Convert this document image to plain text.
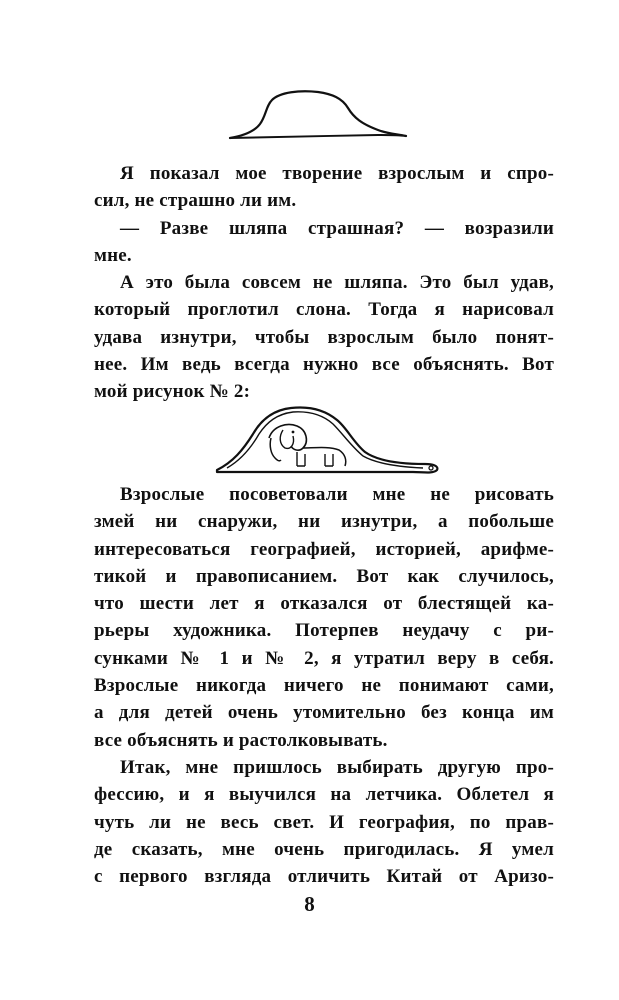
Я показал мое творение взрослым и спро-
сил, не страшно ли им.
— Разве шляпа страшная? — возразили
мне.
А это была совсем не шляпа. Это был удав,
который проглотил слона. Тогда я нарисовал
удава изнутри, чтобы взрослым было понят-
нее. Им ведь всегда нужно все объяснять. Вот
мой рисунок № 2:
Взрослые посоветовали мне не рисовать
змей ни снаружи, ни изнутри, а побольше
интересоваться географией, историей, арифме-
тикой и правописанием. Вот как случилось,
что шести лет я отказался от блестящей ка-
рьеры художника. Потерпев неудачу с ри-
сунками № 1 и № 2, я утратил веру в себя.
Взрослые никогда ничего не понимают сами,
а для детей очень утомительно без конца им
все объяснять и растолковывать.
Итак, мне пришлось выбирать другую про-
фессию, и я выучился на летчика. Облетел я
чуть ли не весь свет. И география, по прав-
де сказать, мне очень пригодилась. Я умел
с первого взгляда отличить Китай от Аризо-
8
